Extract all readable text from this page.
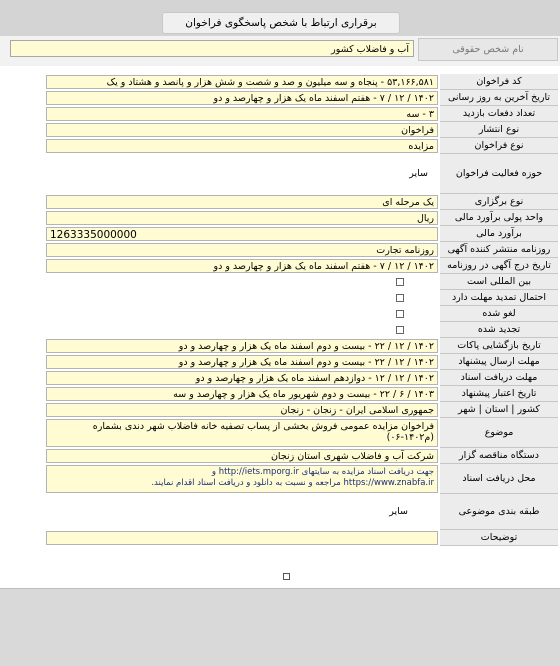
برقراری ارتباط با شخص پاسخگوی فراخوان
آب و فاضلاب کشور	نام شخص حقوقی
کد فراخوان
۵۳,۱۶۶,۵۸۱ - پنجاه و سه میلیون و صد و شصت و شش هزار و پانصد و هشتاد و یک
تاریخ آخرین به روز رسانی
۱۴۰۲ / ۱۲ / ۷ - هفتم اسفند ماه یک هزار و چهارصد و دو
تعداد دفعات بازدید
۳ - سه
نوع انتشار
فراخوان
نوع فراخوان
مزایده
حوزه فعالیت فراخوان
سایر
نوع برگزاری
یک مرحله ای
واحد پولی برآورد مالی
ریال
برآورد مالی
1263335000000
روزنامه منتشر کننده آگهی
روزنامه تجارت
تاریخ درج آگهی در روزنامه
۱۴۰۲ / ۱۲ / ۷ - هفتم اسفند ماه یک هزار و چهارصد و دو
بین المللی است
احتمال تمدید مهلت دارد
لغو شده
تجدید شده
تاریخ بازگشایی پاکات
۱۴۰۲ / ۱۲ / ۲۲ - بیست و دوم اسفند ماه یک هزار و چهارصد و دو
مهلت ارسال پیشنهاد
۱۴۰۲ / ۱۲ / ۲۲ - بیست و دوم اسفند ماه یک هزار و چهارصد و دو
مهلت دریافت اسناد
۱۴۰۲ / ۱۲ / ۱۲ - دوازدهم اسفند ماه یک هزار و چهارصد و دو
تاریخ اعتبار پیشنهاد
۱۴۰۳ / ۶ / ۲۲ - بیست و دوم شهریور ماه یک هزار و چهارصد و سه
کشور | استان | شهر
جمهوری اسلامی ایران - زنجان - زنجان
موضوع
فراخوان مزایده عمومی فروش بخشی از پساب تصفیه خانه فاضلاب شهر دندی بشماره (م۱۴۰۲-۰۶)
دستگاه مناقصه گزار
شرکت آب و فاضلاب شهری استان زنجان
محل دریافت اسناد
جهت دریافت اسناد مزایده به سایتهای http://iets.mporg.ir و
https://www.znabfa.ir مراجعه و نسبت به دانلود و دریافت اسناد اقدام نمایند.
طبقه بندی موضوعی
سایر
توضیحات
